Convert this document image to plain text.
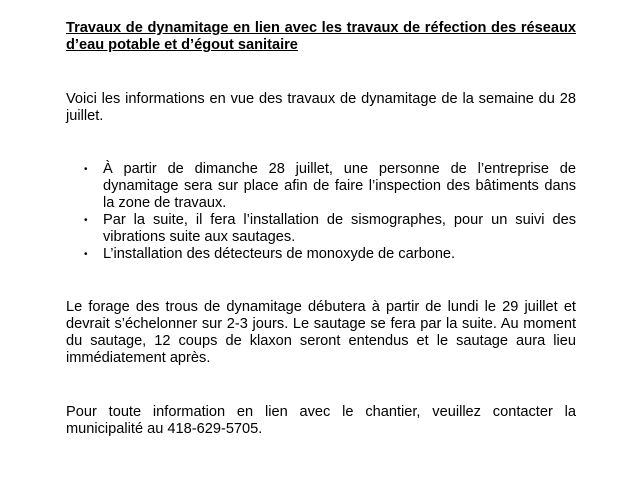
Travaux de dynamitage en lien avec les travaux de réfection des réseaux d’eau potable et d’égout sanitaire

Voici les informations en vue des travaux de dynamitage de la semaine du 28 juillet.

• À partir de dimanche 28 juillet, une personne de l’entreprise de dynamitage sera sur place afin de faire l’inspection des bâtiments dans la zone de travaux.
• Par la suite, il fera l’installation de sismographes, pour un suivi des vibrations suite aux sautages.
• L’installation des détecteurs de monoxyde de carbone.

Le forage des trous de dynamitage débutera à partir de lundi le 29 juillet et devrait s’échelonner sur 2-3 jours. Le sautage se fera par la suite. Au moment du sautage, 12 coups de klaxon seront entendus et le sautage aura lieu immédiatement après.

Pour toute information en lien avec le chantier, veuillez contacter la municipalité au 418-629-5705.
